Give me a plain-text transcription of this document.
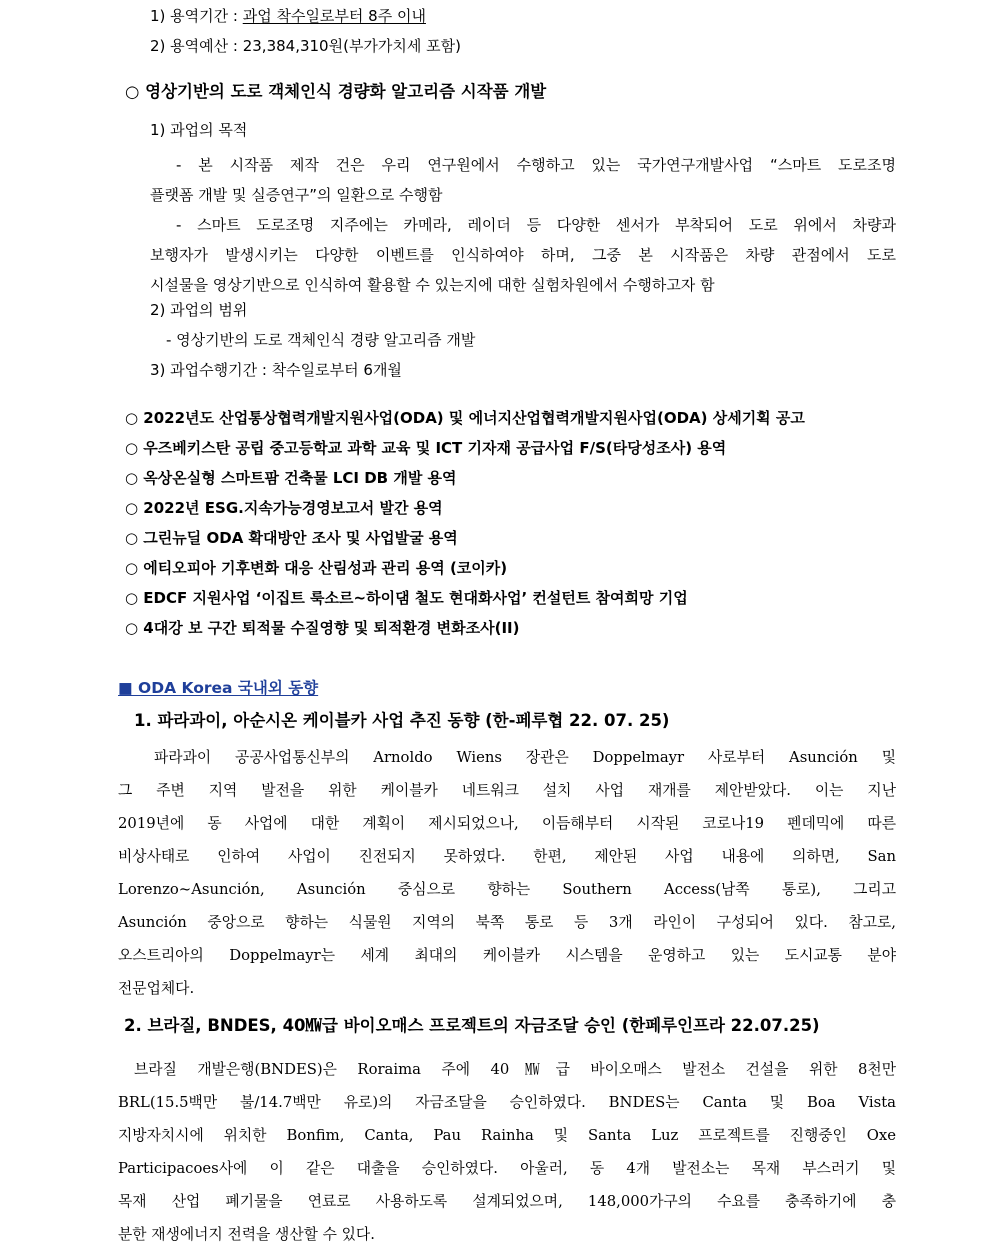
1) 용역기간 : 과업 착수일로부터 8주 이내
2) 용역예산 : 23,384,310원(부가가치세 포함)
○ 영상기반의 도로 객체인식 경량화 알고리즘 시작품 개발
1) 과업의 목적
- 본 시작품 제작 건은 우리 연구원에서 수행하고 있는 국가연구개발사업 “스마트 도로조명
플랫폼 개발 및 실증연구”의 일환으로 수행함
- 스마트 도로조명 지주에는 카메라, 레이더 등 다양한 센서가 부착되어 도로 위에서 차량과
보행자가 발생시키는 다양한 이벤트를 인식하여야 하며, 그중 본 시작품은 차량 관점에서 도로
시설물을 영상기반으로 인식하여 활용할 수 있는지에 대한 실험차원에서 수행하고자 함
2) 과업의 범위
- 영상기반의 도로 객체인식 경량 알고리즘 개발
3) 과업수행기간 : 착수일로부터 6개월
○ 2022년도 산업통상협력개발지원사업(ODA) 및 에너지산업협력개발지원사업(ODA) 상세기획 공고
○ 우즈베키스탄 공립 중고등학교 과학 교육 및 ICT 기자재 공급사업 F/S(타당성조사) 용역
○ 옥상온실형 스마트팜 건축물 LCI DB 개발 용역
○ 2022년 ESG.지속가능경영보고서 발간 용역
○ 그린뉴딜 ODA 확대방안 조사 및 사업발굴 용역
○ 에티오피아 기후변화 대응 산림성과 관리 용역 (코이카)
○ EDCF 지원사업 ‘이집트 룩소르~하이댐 철도 현대화사업’ 컨설턴트 참여희망 기업
○ 4대강 보 구간 퇴적물 수질영향 및 퇴적환경 변화조사(II)
■ ODA Korea 국내외 동향
1. 파라과이, 아순시온 케이블카 사업 추진 동향 (한-페루협 22. 07. 25)
파라과이 공공사업통신부의 Arnoldo Wiens 장관은 Doppelmayr 사로부터 Asunción 및
그 주변 지역 발전을 위한 케이블카 네트워크 설치 사업 재개를 제안받았다. 이는 지난
2019년에 동 사업에 대한 계획이 제시되었으나, 이듬해부터 시작된 코로나19 펜데믹에 따른
비상사태로 인하여 사업이 진전되지 못하였다. 한편, 제안된 사업 내용에 의하면, San
Lorenzo~Asunción, Asunción 중심으로 향하는 Southern Access(남쪽 통로), 그리고
Asunción 중앙으로 향하는 식물원 지역의 북쪽 통로 등 3개 라인이 구성되어 있다. 참고로,
오스트리아의 Doppelmayr는 세계 최대의 케이블카 시스템을 운영하고 있는 도시교통 분야
전문업체다.
2. 브라질, BNDES, 40㎿급 바이오매스 프로젝트의 자금조달 승인 (한페루인프라 22.07.25)
브라질 개발은행(BNDES)은 Roraima 주에 40㎿급 바이오매스 발전소 건설을 위한 8천만
BRL(15.5백만 불/14.7백만 유로)의 자금조달을 승인하였다. BNDES는 Canta 및 Boa Vista
지방자치시에 위치한 Bonfim, Canta, Pau Rainha 및 Santa Luz 프로젝트를 진행중인 Oxe
Participacoes사에 이 같은 대출을 승인하였다. 아울러, 동 4개 발전소는 목재 부스러기 및
목재 산업 폐기물을 연료로 사용하도록 설계되었으며, 148,000가구의 수요를 충족하기에 충
분한 재생에너지 전력을 생산할 수 있다.
